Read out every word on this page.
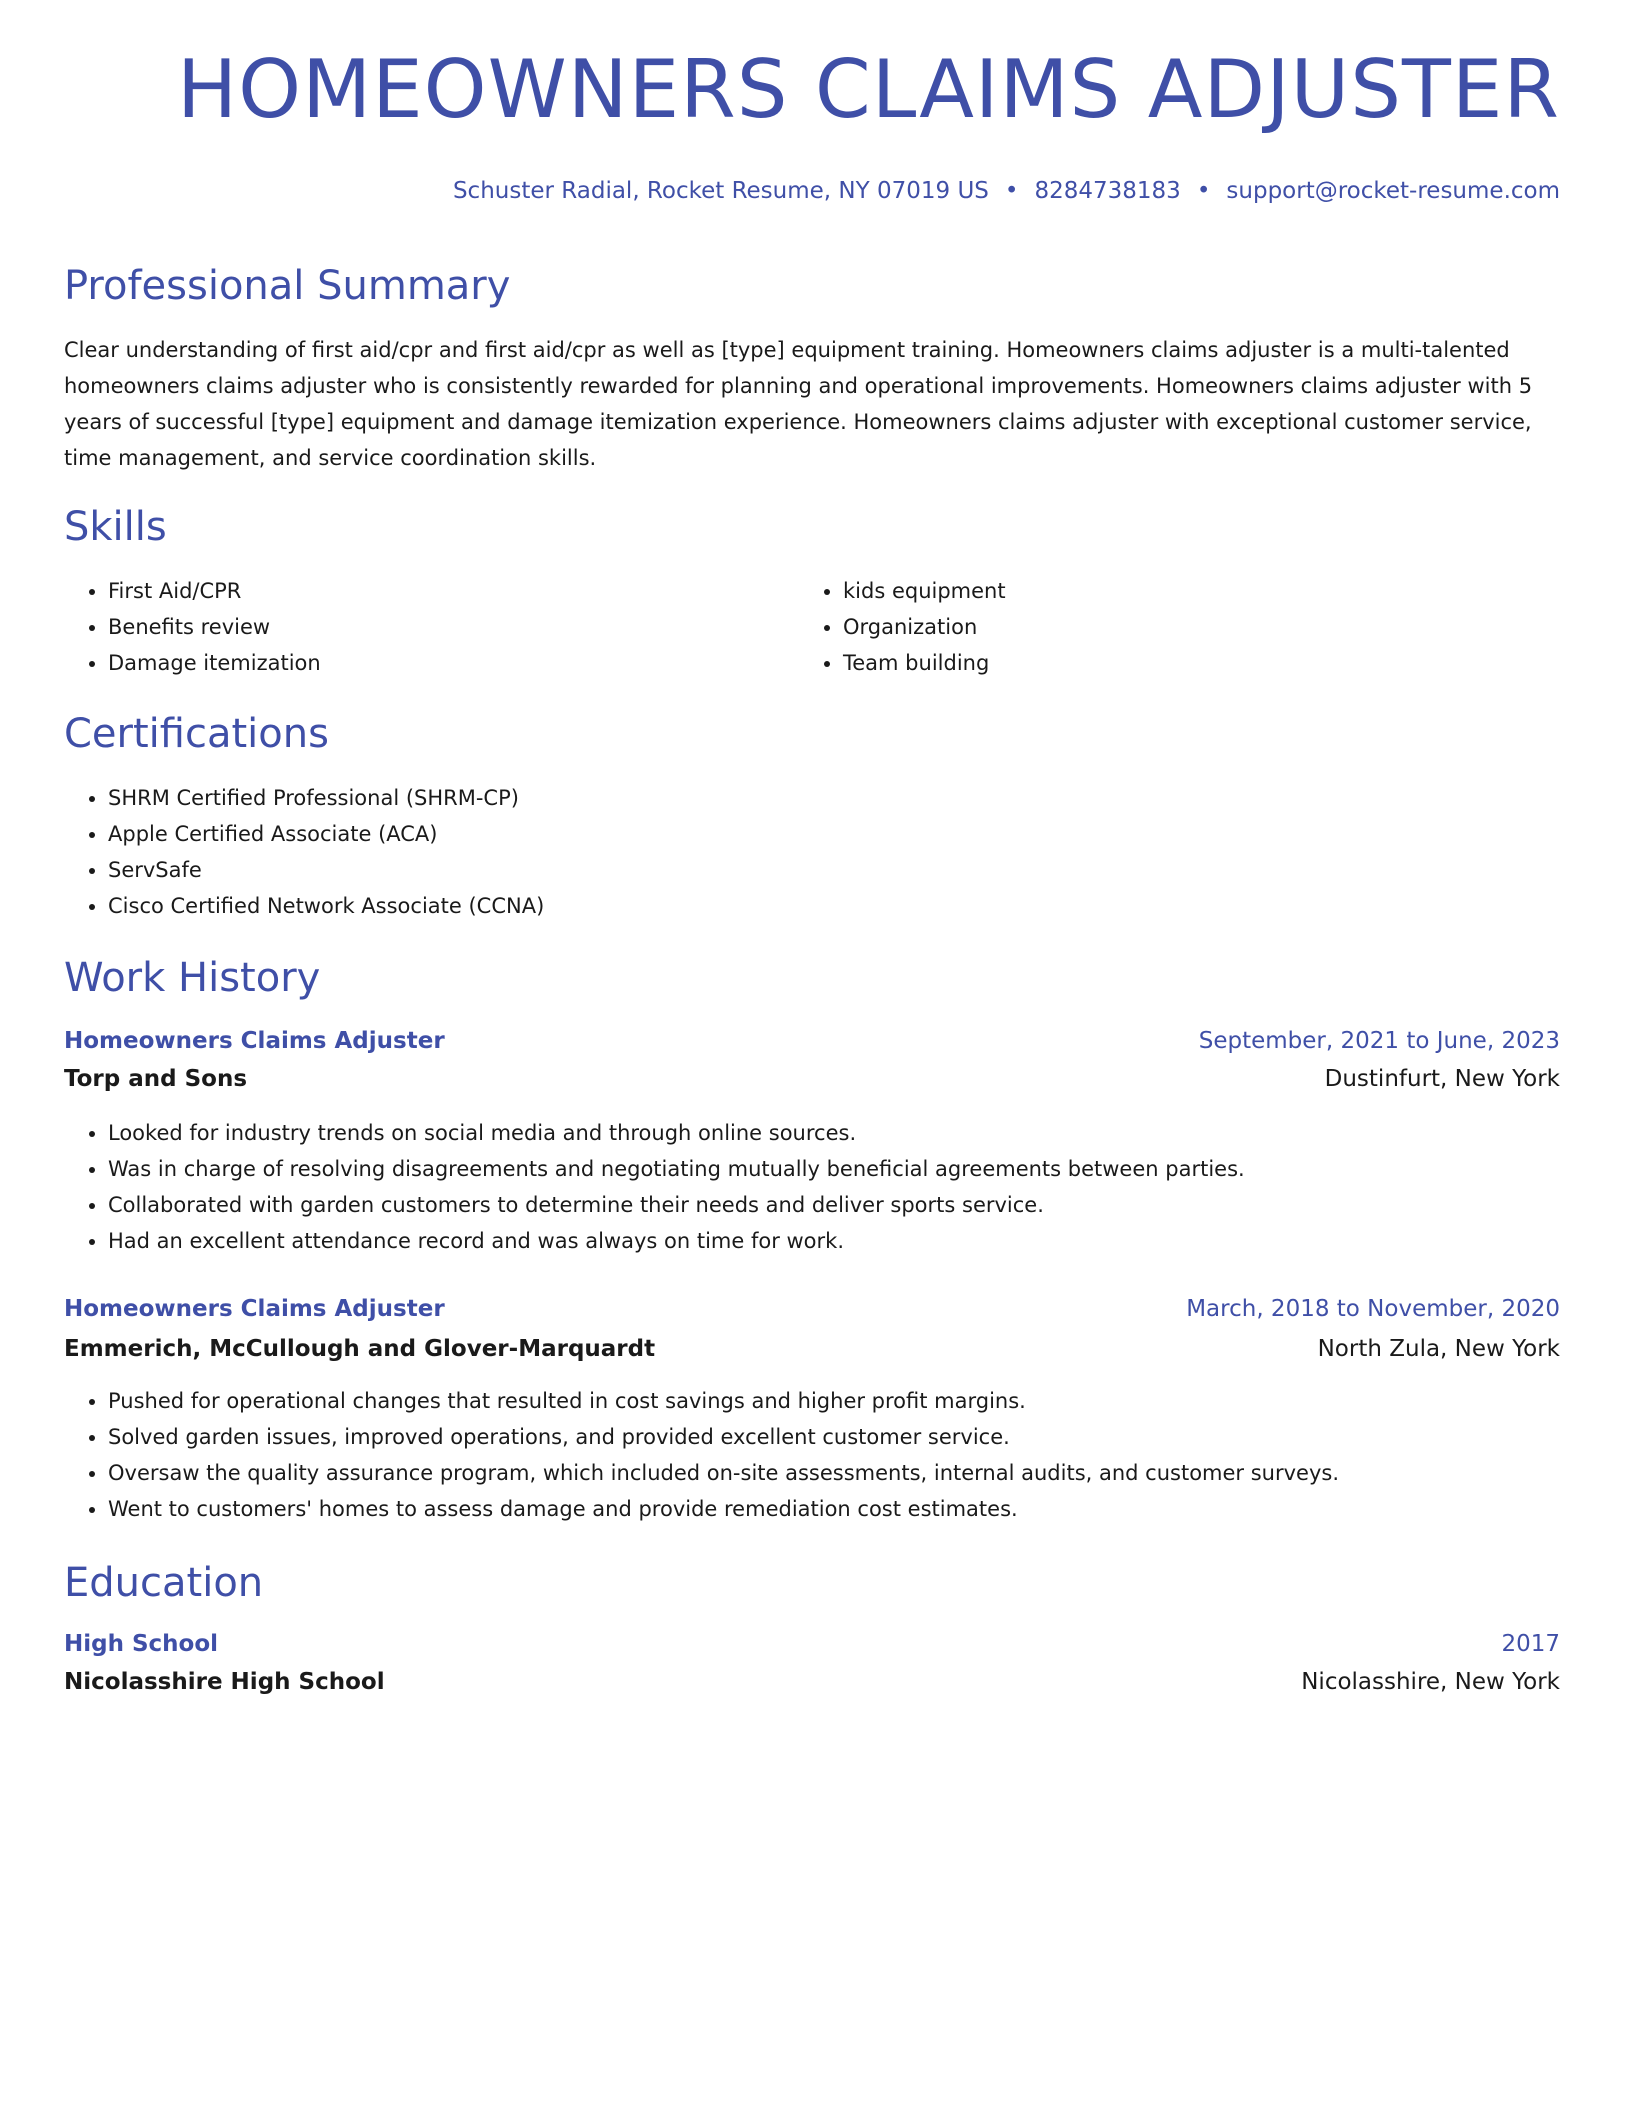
HOMEOWNERS CLAIMS ADJUSTER
Schuster Radial, Rocket Resume, NY 07019 US • 8284738183 • support@rocket-resume.com
Professional Summary

Clear understanding of first aid/cpr and first aid/cpr as well as [type] equipment training. Homeowners claims adjuster is a multi-talented homeowners claims adjuster who is consistently rewarded for planning and operational improvements. Homeowners claims adjuster with 5 years of successful [type] equipment and damage itemization experience. Homeowners claims adjuster with exceptional customer service, time management, and service coordination skills.

Skills
• First Aid/CPR
• Benefits review
• Damage itemization
• kids equipment
• Organization
• Team building
Certifications
• SHRM Certified Professional (SHRM-CP)
• Apple Certified Associate (ACA)
• ServSafe
• Cisco Certified Network Associate (CCNA)
Work History
Homeowners Claims Adjuster	September, 2021 to June, 2023
Torp and Sons	Dustinfurt, New York
• Looked for industry trends on social media and through online sources.
• Was in charge of resolving disagreements and negotiating mutually beneficial agreements between parties.
• Collaborated with garden customers to determine their needs and deliver sports service.
• Had an excellent attendance record and was always on time for work.
Homeowners Claims Adjuster	March, 2018 to November, 2020
Emmerich, McCullough and Glover-Marquardt	North Zula, New York
• Pushed for operational changes that resulted in cost savings and higher profit margins.
• Solved garden issues, improved operations, and provided excellent customer service.
• Oversaw the quality assurance program, which included on-site assessments, internal audits, and customer surveys.
• Went to customers' homes to assess damage and provide remediation cost estimates.
Education
High School	2017
Nicolasshire High School	Nicolasshire, New York
